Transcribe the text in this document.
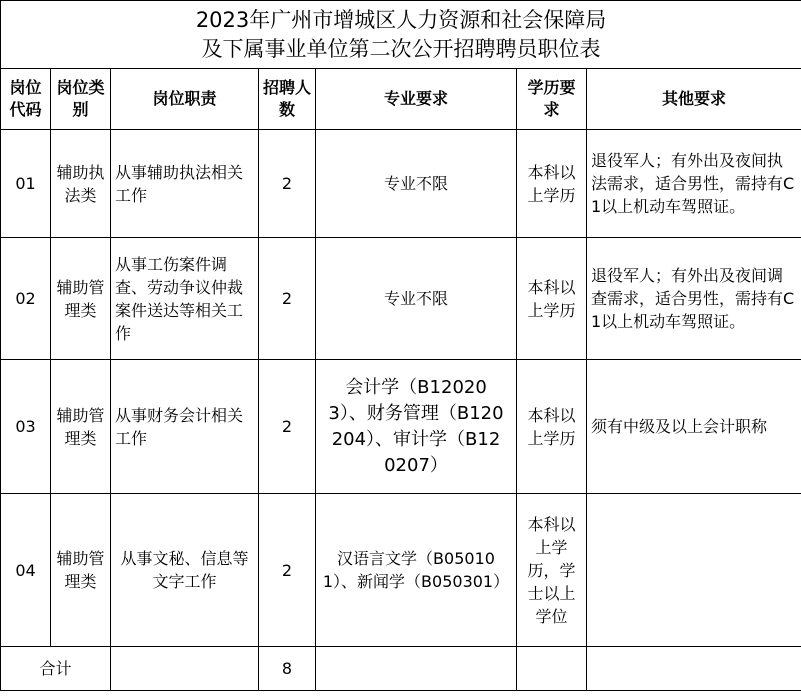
2023年广州市增城区人力资源和社会保障局
及下属事业单位第二次公开招聘聘员职位表						

岗位代码	岗位类别	岗位职责	招聘人数	专业要求	学历要求	其他要求
01	辅助执法类	从事辅助执法相关工作	2	专业不限	本科以上学历	退役军人；有外出及夜间执法需求，适合男性，需持有C1以上机动车驾照证。
02	辅助管理类	从事工伤案件调查、劳动争议仲裁案件送达等相关工作	2	专业不限	本科以上学历	退役军人；有外出及夜间调查需求，适合男性，需持有C1以上机动车驾照证。
03	辅助管理类	从事财务会计相关工作	2	会计学（B120203）、财务管理（B120204）、审计学（B120207）	本科以上学历	须有中级及以上会计职称
04	辅助管理类	从事文秘、信息等文字工作	2	汉语言文学（B050101）、新闻学（B050301）	本科以上学历，学士以上学位	
合计			8			
